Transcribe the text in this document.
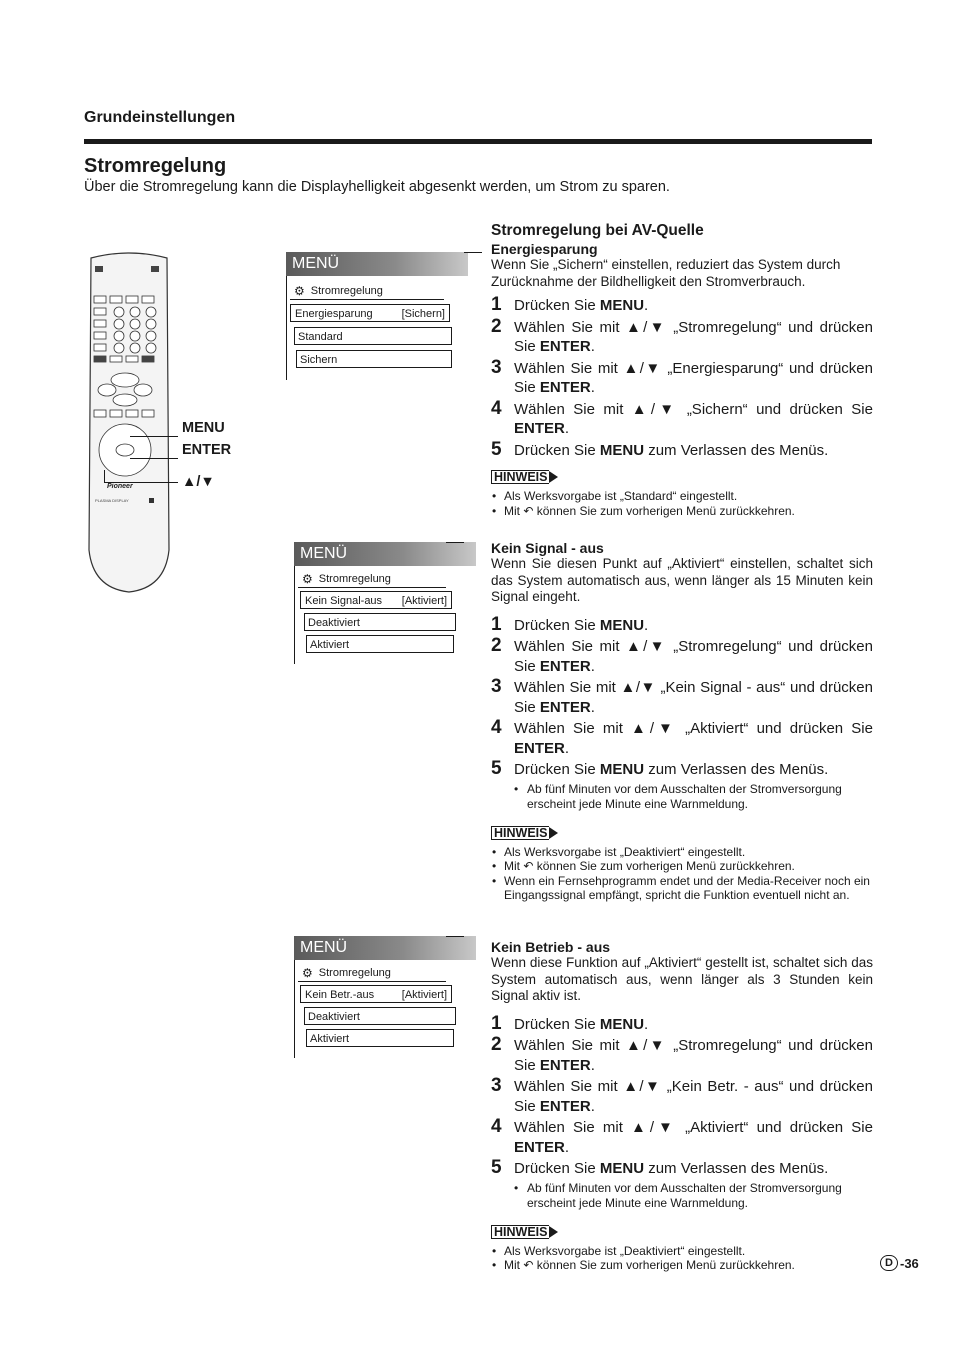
Grundeinstellungen
Stromregelung
Über die Stromregelung kann die Displayhelligkeit abgesenkt werden, um Strom zu sparen.
Pioneer
PLASMA DISPLAY
MENU
ENTER
▲/▼
MENÜ
⚙ Stromregelung
Energiesparung	[Sichern]
Standard
Sichern
MENÜ
⚙ Stromregelung
Kein Signal-aus [Aktiviert]
Deaktiviert
Aktiviert
MENÜ
⚙ Stromregelung
Kein Betr.-aus	[Aktiviert]
Deaktiviert
Aktiviert
Stromregelung bei AV-Quelle
Energiesparung
Wenn Sie „Sichern“ einstellen, reduziert das System durch Zurücknahme der Bildhelligkeit den Stromverbrauch.
1 Drücken Sie MENU.
2 Wählen Sie mit ▲/▼ „Stromregelung“ und drücken Sie ENTER.
3 Wählen Sie mit ▲/▼ „Energiesparung“ und drücken Sie ENTER.
4 Wählen Sie mit ▲/▼ „Sichern“ und drücken Sie ENTER.
5 Drücken Sie MENU zum Verlassen des Menüs.
HINWEIS
• Als Werksvorgabe ist „Standard“ eingestellt.
• Mit ↶ können Sie zum vorherigen Menü zurückkehren.
Kein Signal - aus
Wenn Sie diesen Punkt auf „Aktiviert“ einstellen, schaltet sich das System automatisch aus, wenn länger als 15 Minuten kein Signal eingeht.
1 Drücken Sie MENU.
2 Wählen Sie mit ▲/▼ „Stromregelung“ und drücken Sie ENTER.
3 Wählen Sie mit ▲/▼ „Kein Signal - aus“ und drücken Sie ENTER.
4 Wählen Sie mit ▲/▼ „Aktiviert“ und drücken Sie ENTER.
5 Drücken Sie MENU zum Verlassen des Menüs.
• Ab fünf Minuten vor dem Ausschalten der Stromversorgung erscheint jede Minute eine Warnmeldung.
HINWEIS
• Als Werksvorgabe ist „Deaktiviert“ eingestellt.
• Mit ↶ können Sie zum vorherigen Menü zurückkehren.
• Wenn ein Fernsehprogramm endet und der Media-Receiver noch ein Eingangssignal empfängt, spricht die Funktion eventuell nicht an.
Kein Betrieb - aus
Wenn diese Funktion auf „Aktiviert“ gestellt ist, schaltet sich das System automatisch aus, wenn länger als 3 Stunden kein Signal aktiv ist.
1 Drücken Sie MENU.
2 Wählen Sie mit ▲/▼ „Stromregelung“ und drücken Sie ENTER.
3 Wählen Sie mit ▲/▼ „Kein Betr. - aus“ und drücken Sie ENTER.
4 Wählen Sie mit ▲/▼ „Aktiviert“ und drücken Sie ENTER.
5 Drücken Sie MENU zum Verlassen des Menüs.
• Ab fünf Minuten vor dem Ausschalten der Stromversorgung erscheint jede Minute eine Warnmeldung.
HINWEIS
• Als Werksvorgabe ist „Deaktiviert“ eingestellt.
• Mit ↶ können Sie zum vorherigen Menü zurückkehren.	D -36
